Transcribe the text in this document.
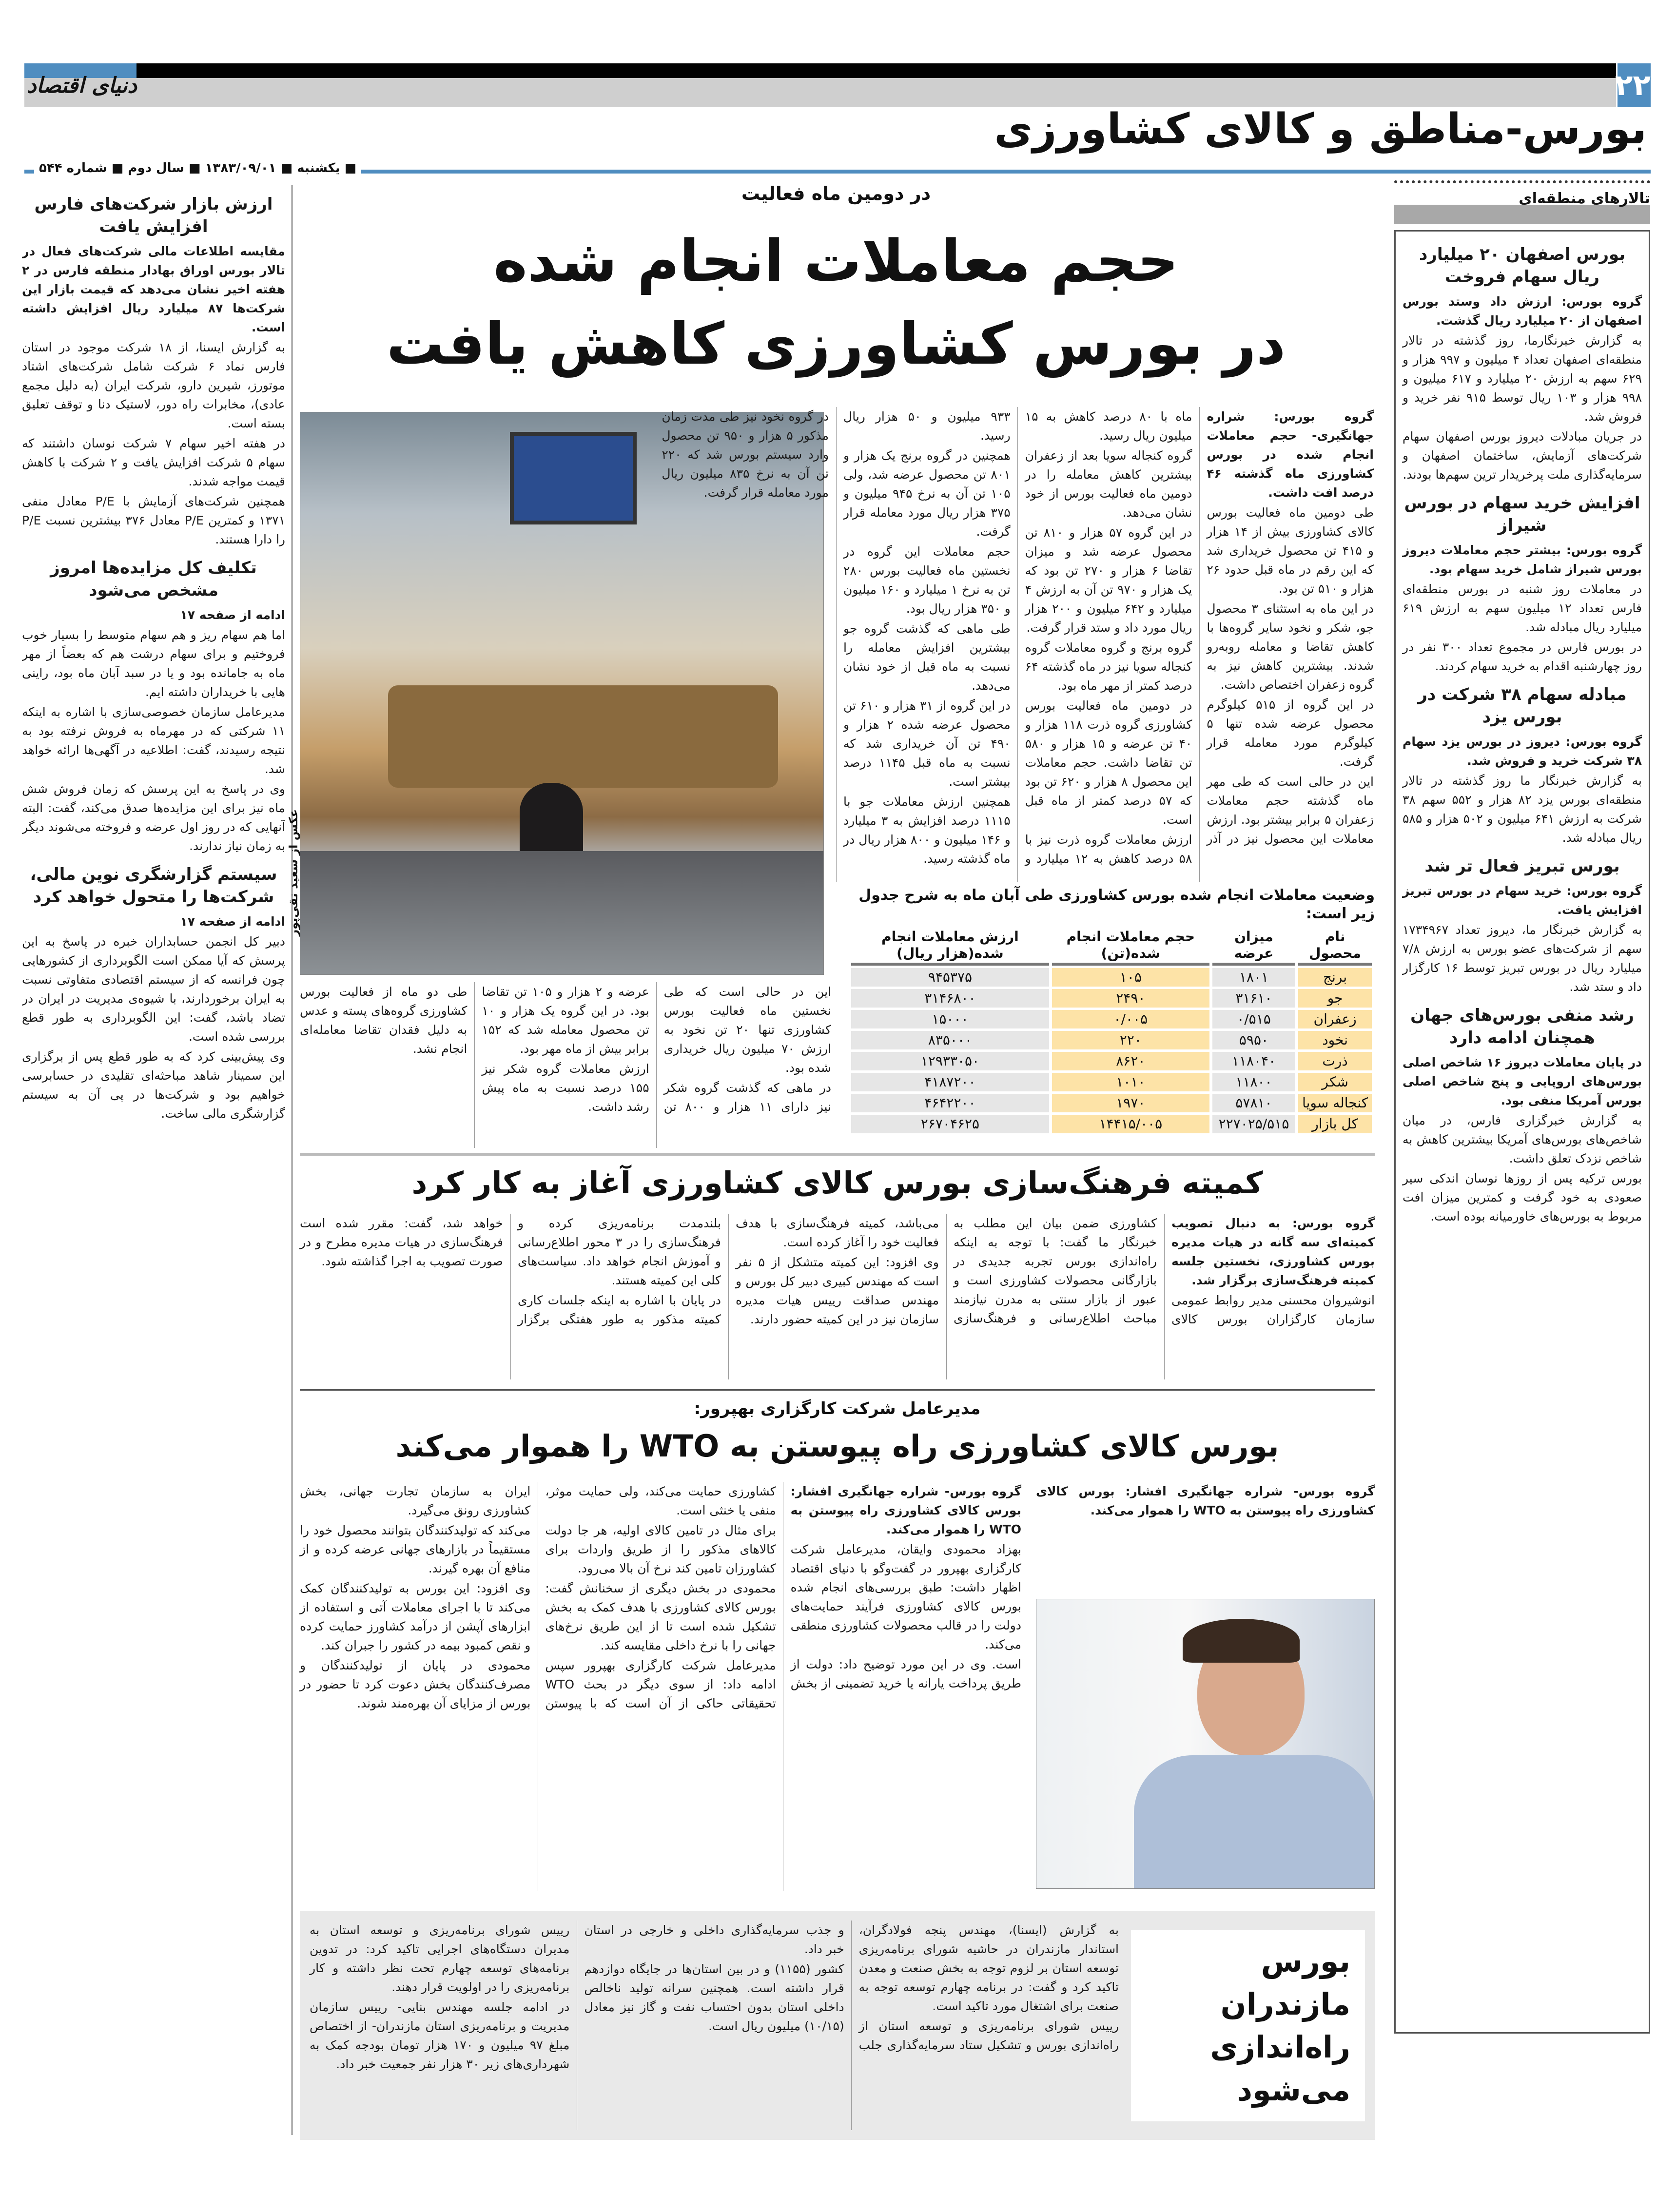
۲۲
دنیای اقتصاد
بورس-مناطق و کالای کشاورزی
■ یکشنبه ■ ۱۳۸۳/۰۹/۰۱ ■ سال دوم ■ شماره ۵۴۴
ارزش بازار شرکت‌های فارس افزایش یافت

مقایسه اطلاعات مالی شرکت‌های فعال در تالار بورس اوراق بهادار منطقه فارس در ۲ هفته اخیر نشان می‌دهد که قیمت بازار این شرکت‌ها ۸۷ میلیارد ریال افزایش داشته است.

به گزارش ایسنا، از ۱۸ شرکت موجود در استان فارس نماد ۶ شرکت شامل شرکت‌های اشتاد موتورز، شیرین دارو، شرکت ایران (به دلیل مجمع عادی)، مخابرات راه دور، لاستیک دنا و توقف تعلیق بسته است.

در هفته اخیر سهام ۷ شرکت نوسان داشتند که سهام ۵ شرکت افزایش یافت و ۲ شرکت با کاهش قیمت مواجه شدند.

همچنین شرکت‌های آزمایش با P/E معادل منفی ۱۳۷۱ و کمترین P/E معادل ۳۷۶ بیشترین نسبت P/E را دارا هستند.

تکلیف کل مزایده‌ها امروز مشخص می‌شود

ادامه از صفحه ۱۷

اما هم سهام ریز و هم سهام متوسط را بسیار خوب فروختیم و برای سهام درشت هم که بعضاً از مهر ماه به جامانده بود و یا در سبد آبان ماه بود، راینی هایی با خریداران داشته ایم.

مدیرعامل سازمان خصوصی‌سازی با اشاره به اینکه ۱۱ شرکتی که در مهرماه به فروش نرفته بود به نتیجه رسیدند، گفت: اطلاعیه در آگهی‌ها ارائه خواهد شد.

وی در پاسخ به این پرسش که زمان فروش شش ماه نیز برای این مزایده‌ها صدق می‌کند، گفت: البته آنهایی که در روز اول عرضه و فروخته می‌شوند دیگر به زمان نیاز ندارند.

سیستم گزارشگری نوین مالی، شرکت‌ها را متحول خواهد کرد

ادامه از صفحه ۱۷

دبیر کل انجمن حسابداران خبره در پاسخ به این پرسش که آیا ممکن است الگوبرداری از کشورهایی چون فرانسه که از سیستم اقتصادی متفاوتی نسبت به ایران برخوردارند، با شیوه‌ی مدیریت در ایران در تضاد باشد، گفت: این الگوبرداری به طور قطع بررسی شده است.

وی پیش‌بینی کرد که به طور قطع پس از برگزاری این سمینار شاهد مباحثه‌ای تقلیدی در حسابرسی خواهیم بود و شرکت‌ها در پی آن به سیستم گزارشگری مالی ساخت.

تالارهای منطقه‌ای
بورس اصفهان ۲۰ میلیارد ریال سهام فروخت

گروه بورس: ارزش داد وستد بورس اصفهان از ۲۰ میلیارد ریال گذشت.

به گزارش خبرنگارما، روز گذشته در تالار منطقه‌ای اصفهان تعداد ۴ میلیون و ۹۹۷ هزار و ۶۲۹ سهم به ارزش ۲۰ میلیارد و ۶۱۷ میلیون و ۹۹۸ هزار و ۱۰۳ ریال توسط ۹۱۵ نفر خرید و فروش شد.

در جریان مبادلات دیروز بورس اصفهان سهام شرکت‌های آزمایش، ساختمان اصفهان و سرمایه‌گذاری ملت پرخریدار ترین سهم‌ها بودند.

افزایش خرید سهام در بورس شیراز

گروه بورس: بیشتر حجم معاملات دیروز بورس شیراز شامل خرید سهام بود.

در معاملات روز شنبه در بورس منطقه‌ای فارس تعداد ۱۲ میلیون سهم به ارزش ۶۱۹ میلیارد ریال مبادله شد.

در بورس فارس در مجموع تعداد ۳۰۰ نفر در روز چهارشنبه اقدام به خرید سهام کردند.

مبادله سهام ۳۸ شرکت در بورس یزد

گروه بورس: دیروز در بورس یزد سهام ۳۸ شرکت خرید و فروش شد.

به گزارش خبرنگار ما روز گذشته در تالار منطقه‌ای بورس یزد ۸۲ هزار و ۵۵۲ سهم ۳۸ شرکت به ارزش ۶۴۱ میلیون و ۵۰۲ هزار و ۵۸۵ ریال مبادله شد.

بورس تبریز فعال تر شد

گروه بورس: خرید سهام در بورس تبریز افزایش یافت.

به گزارش خبرنگار ما، دیروز تعداد ۱۷۳۴۹۶۷ سهم از شرکت‌های عضو بورس به ارزش ۷/۸ میلیارد ریال در بورس تبریز توسط ۱۶ کارگزار داد و ستد شد.

رشد منفی بورس‌های جهان همچنان ادامه دارد

در پایان معاملات دیروز ۱۶ شاخص اصلی بورس‌های اروپایی و پنج شاخص اصلی بورس آمریکا منفی بود.

به گزارش خبرگزاری فارس، در میان شاخص‌های بورس‌های آمریکا بیشترین کاهش به شاخص نزدک تعلق داشت.

بورس ترکیه پس از روزها نوسان اندکی سیر صعودی به خود گرفت و کمترین میزان افت مربوط به بورس‌های خاورمیانه بوده است.

در دومین ماه فعالیت
حجم معاملات انجام شده
در بورس کشاورزی کاهش یافت
عکس از سعید تقی‌پور

گروه بورس: شراره جهانگیری- حجم معاملات انجام شده در بورس کشاورزی ماه گذشته ۴۶ درصد افت داشت.

طی دومین ماه فعالیت بورس کالای کشاورزی بیش از ۱۴ هزار و ۴۱۵ تن محصول خریداری شد که این رقم در ماه قبل حدود ۲۶ هزار و ۵۱۰ تن بود.

در این ماه به استثنای ۳ محصول جو، شکر و نخود سایر گروه‌ها با کاهش تقاضا و معامله روبه‌رو شدند. بیشترین کاهش نیز به گروه زعفران اختصاص داشت.

در این گروه از ۵۱۵ کیلوگرم محصول عرضه شده تنها ۵ کیلوگرم مورد معامله قرار گرفت.

این در حالی است که طی مهر ماه گذشته حجم معاملات زعفران ۵ برابر بیشتر بود. ارزش معاملات این محصول نیز در آذر ماه با ۸۰ درصد کاهش به ۱۵ میلیون ریال رسید.

گروه کنجاله سویا بعد از زعفران بیشترین کاهش معامله را در دومین ماه فعالیت بورس از خود نشان می‌دهد.

در این گروه ۵۷ هزار و ۸۱۰ تن محصول عرضه شد و میزان تقاضا ۶ هزار و ۲۷۰ تن بود که یک هزار و ۹۷۰ تن آن به ارزش ۴ میلیارد و ۶۴۲ میلیون و ۲۰۰ هزار ریال مورد داد و ستد قرار گرفت.

گروه برنج و گروه معاملات گروه کنجاله سویا نیز در ماه گذشته ۶۴ درصد کمتر از مهر ماه بود.

در دومین ماه فعالیت بورس کشاورزی گروه ذرت ۱۱۸ هزار و ۴۰ تن عرضه و ۱۵ هزار و ۵۸۰ تن تقاضا داشت. حجم معاملات این محصول ۸ هزار و ۶۲۰ تن بود که ۵۷ درصد کمتر از ماه قبل است.

ارزش معاملات گروه ذرت نیز با ۵۸ درصد کاهش به ۱۲ میلیارد و ۹۳۳ میلیون و ۵۰ هزار ریال رسید.

همچنین در گروه برنج یک هزار و ۸۰۱ تن محصول عرضه شد، ولی ۱۰۵ تن آن به نرخ ۹۴۵ میلیون و ۳۷۵ هزار ریال مورد معامله قرار گرفت.

حجم معاملات این گروه در نخستین ماه فعالیت بورس ۲۸۰ تن به نرخ ۱ میلیارد و ۱۶۰ میلیون و ۳۵۰ هزار ریال بود.

طی ماهی که گذشت گروه جو بیشترین افزایش معامله را نسبت به ماه قبل از خود نشان می‌دهد.

در این گروه از ۳۱ هزار و ۶۱۰ تن محصول عرضه شده ۲ هزار و ۴۹۰ تن آن خریداری شد که نسبت به ماه قبل ۱۱۴۵ درصد بیشتر است.

همچنین ارزش معاملات جو با ۱۱۱۵ درصد افزایش به ۳ میلیارد و ۱۴۶ میلیون و ۸۰۰ هزار ریال در ماه گذشته رسید.

در گروه نخود نیز طی مدت زمان مذکور ۵ هزار و ۹۵۰ تن محصول وارد سیستم بورس شد که ۲۲۰ تن آن به نرخ ۸۳۵ میلیون ریال مورد معامله قرار گرفت.

وضعیت معاملات انجام شده بورس کشاورزی طی آبان ماه به شرح جدول زیر است:
نام محصول	میزان عرضه	حجم معاملات انجام شده(تن)	ارزش معاملات انجام شده(هزار ریال)
برنج	۱۸۰۱	۱۰۵	۹۴۵۳۷۵
جو	۳۱۶۱۰	۲۴۹۰	۳۱۴۶۸۰۰
زعفران	۰/۵۱۵	۰/۰۰۵	۱۵۰۰۰
نخود	۵۹۵۰	۲۲۰	۸۳۵۰۰۰
ذرت	۱۱۸۰۴۰	۸۶۲۰	۱۲۹۳۳۰۵۰
شکر	۱۱۸۰۰	۱۰۱۰	۴۱۸۷۲۰۰
کنجاله سویا	۵۷۸۱۰	۱۹۷۰	۴۶۴۲۲۰۰
کل بازار	۲۲۷۰۲۵/۵۱۵	۱۴۴۱۵/۰۰۵	۲۶۷۰۴۶۲۵

این در حالی است که طی نخستین ماه فعالیت بورس کشاورزی تنها ۲۰ تن نخود به ارزش ۷۰ میلیون ریال خریداری شده بود.

در ماهی که گذشت گروه شکر نیز دارای ۱۱ هزار و ۸۰۰ تن عرضه و ۲ هزار و ۱۰۵ تن تقاضا بود. در این گروه یک هزار و ۱۰ تن محصول معامله شد که ۱۵۲ برابر بیش از ماه مهر بود.

ارزش معاملات گروه شکر نیز ۱۵۵ درصد نسبت به ماه پیش رشد داشت.

طی دو ماه از فعالیت بورس کشاورزی گروه‌های پسته و عدس به دلیل فقدان تقاضا معامله‌ای انجام نشد.

کمیته فرهنگ‌سازی بورس کالای کشاورزی آغاز به کار کرد

گروه بورس: به دنبال تصویب کمیته‌ای سه گانه در هیات مدیره بورس کشاورزی، نخستین جلسه کمیته فرهنگ‌سازی برگزار شد.

انوشیروان محسنی مدیر روابط عمومی سازمان کارگزاران بورس کالای کشاورزی ضمن بیان این مطلب به خبرنگار ما گفت: با توجه به اینکه راه‌اندازی بورس تجربه جدیدی در بازارگانی محصولات کشاورزی است و عبور از بازار سنتی به مدرن نیازمند مباحث اطلاع‌رسانی و فرهنگ‌سازی می‌باشد، کمیته فرهنگ‌سازی با هدف فعالیت خود را آغاز کرده است.

وی افزود: این کمیته متشکل از ۵ نفر است که مهندس کبیری دبیر کل بورس و مهندس صداقت رییس هیات مدیره سازمان نیز در این کمیته حضور دارند.

بلندمدت برنامه‌ریزی کرده و فرهنگ‌سازی را در ۳ محور اطلاع‌رسانی و آموزش انجام خواهد داد. سیاست‌های کلی این کمیته هستند.

در پایان با اشاره به اینکه جلسات کاری کمیته مذکور به طور هفتگی برگزار خواهد شد، گفت: مقرر شده است فرهنگ‌سازی در هیات مدیره مطرح و در صورت تصویب به اجرا گذاشته شود.

مدیرعامل شرکت کارگزاری بهپرور:
بورس کالای کشاورزی راه پیوستن به WTO را هموار می‌کند

گروه بورس- شراره جهانگیری افشار: بورس کالای کشاورزی راه پیوستن به WTO را هموار می‌کند.

بهزاد محمودی وایقان، مدیرعامل شرکت کارگزاری بهپرور در گفت‌وگو با دنیای اقتصاد اظهار داشت: طبق بررسی‌های انجام شده بورس کالای کشاورزی فرآیند حمایت‌های دولت را در قالب محصولات کشاورزی منطقی می‌کند.

است. وی در این مورد توضیح داد: دولت از طریق پرداخت یارانه یا خرید تضمینی از بخش کشاورزی حمایت می‌کند، ولی حمایت موثر، منفی یا خنثی است.

برای مثال در تامین کالای اولیه، هر جا دولت کالاهای مذکور را از طریق واردات برای کشاورزان تامین کند نرخ آن بالا می‌رود.

محمودی در بخش دیگری از سخنانش گفت: بورس کالای کشاورزی با هدف کمک به بخش تشکیل شده است تا از این طریق نرخ‌های جهانی را با نرخ داخلی مقایسه کند.

مدیرعامل شرکت کارگزاری بهپرور سپس ادامه داد: از سوی دیگر در بحث WTO تحقیقاتی حاکی از آن است که با پیوستن ایران به سازمان تجارت جهانی، بخش کشاورزی رونق می‌گیرد.

می‌کند که تولیدکنندگان بتوانند محصول خود را مستقیماً در بازارهای جهانی عرضه کرده و از منافع آن بهره گیرند.

وی افزود: این بورس به تولیدکنندگان کمک می‌کند تا با اجرای معاملات آتی و استفاده از ابزارهای آپشن از درآمد کشاورز حمایت کرده و نقص کمبود بیمه در کشور را جبران کند.

محمودی در پایان از تولیدکنندگان و مصرف‌کنندگان بخش دعوت کرد تا حضور در بورس از مزایای آن بهره‌مند شوند.

گروه بورس- شراره جهانگیری افشار: بورس کالای کشاورزی راه پیوستن به WTO را هموار می‌کند.

بورس مازندران راه‌اندازی می‌شود

به گزارش (ایسنا)، مهندس پنجه فولادگران، استاندار مازندران در حاشیه شورای برنامه‌ریزی توسعه استان بر لزوم توجه به بخش صنعت و معدن تاکید کرد و گفت: در برنامه چهارم توسعه توجه به صنعت برای اشتغال مورد تاکید است.

رییس شورای برنامه‌ریزی و توسعه استان از راه‌اندازی بورس و تشکیل ستاد سرمایه‌گذاری جلب و جذب سرمایه‌گذاری داخلی و خارجی در استان خبر داد.

کشور (۱۱۵۵) و در بین استان‌ها در جایگاه دوازدهم قرار داشته است. همچنین سرانه تولید ناخالص داخلی استان بدون احتساب نفت و گاز نیز معادل (۱۰/۱۵) میلیون ریال است.

رییس شورای برنامه‌ریزی و توسعه استان به مدیران دستگاه‌های اجرایی تاکید کرد: در تدوین برنامه‌های توسعه چهارم تحت نظر داشته و کار برنامه‌ریزی را در اولویت قرار دهند.

در ادامه جلسه مهندس بنایی- رییس سازمان مدیریت و برنامه‌ریزی استان مازندران- از اختصاص مبلغ ۹۷ میلیون و ۱۷۰ هزار تومان بودجه کمک به شهرداری‌های زیر ۳۰ هزار نفر جمعیت خبر داد.
